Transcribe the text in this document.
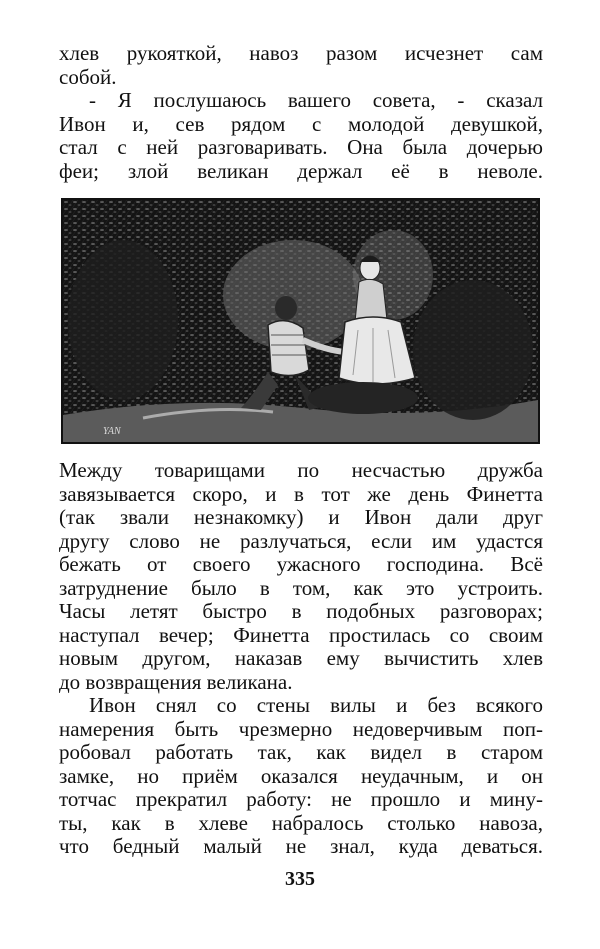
хлев рукояткой, навоз разом исчезнет сам
собой.
- Я послушаюсь вашего совета, - сказал
Ивон и, сев рядом с молодой девушкой,
стал с ней разговаривать. Она была дочерью
феи; злой великан держал её в неволе.
YAN
Между товарищами по несчастью дружба
завязывается скоро, и в тот же день Финетта
(так звали незнакомку) и Ивон дали друг
другу слово не разлучаться, если им удастся
бежать от своего ужасного господина. Всё
затруднение было в том, как это устроить.
Часы летят быстро в подобных разговорах;
наступал вечер; Финетта простилась со своим
новым другом, наказав ему вычистить хлев
до возвращения великана.
Ивон снял со стены вилы и без всякого
намерения быть чрезмерно недоверчивым поп-
робовал работать так, как видел в старом
замке, но приём оказался неудачным, и он
тотчас прекратил работу: не прошло и мину-
ты, как в хлеве набралось столько навоза,
что бедный малый не знал, куда деваться.
335
